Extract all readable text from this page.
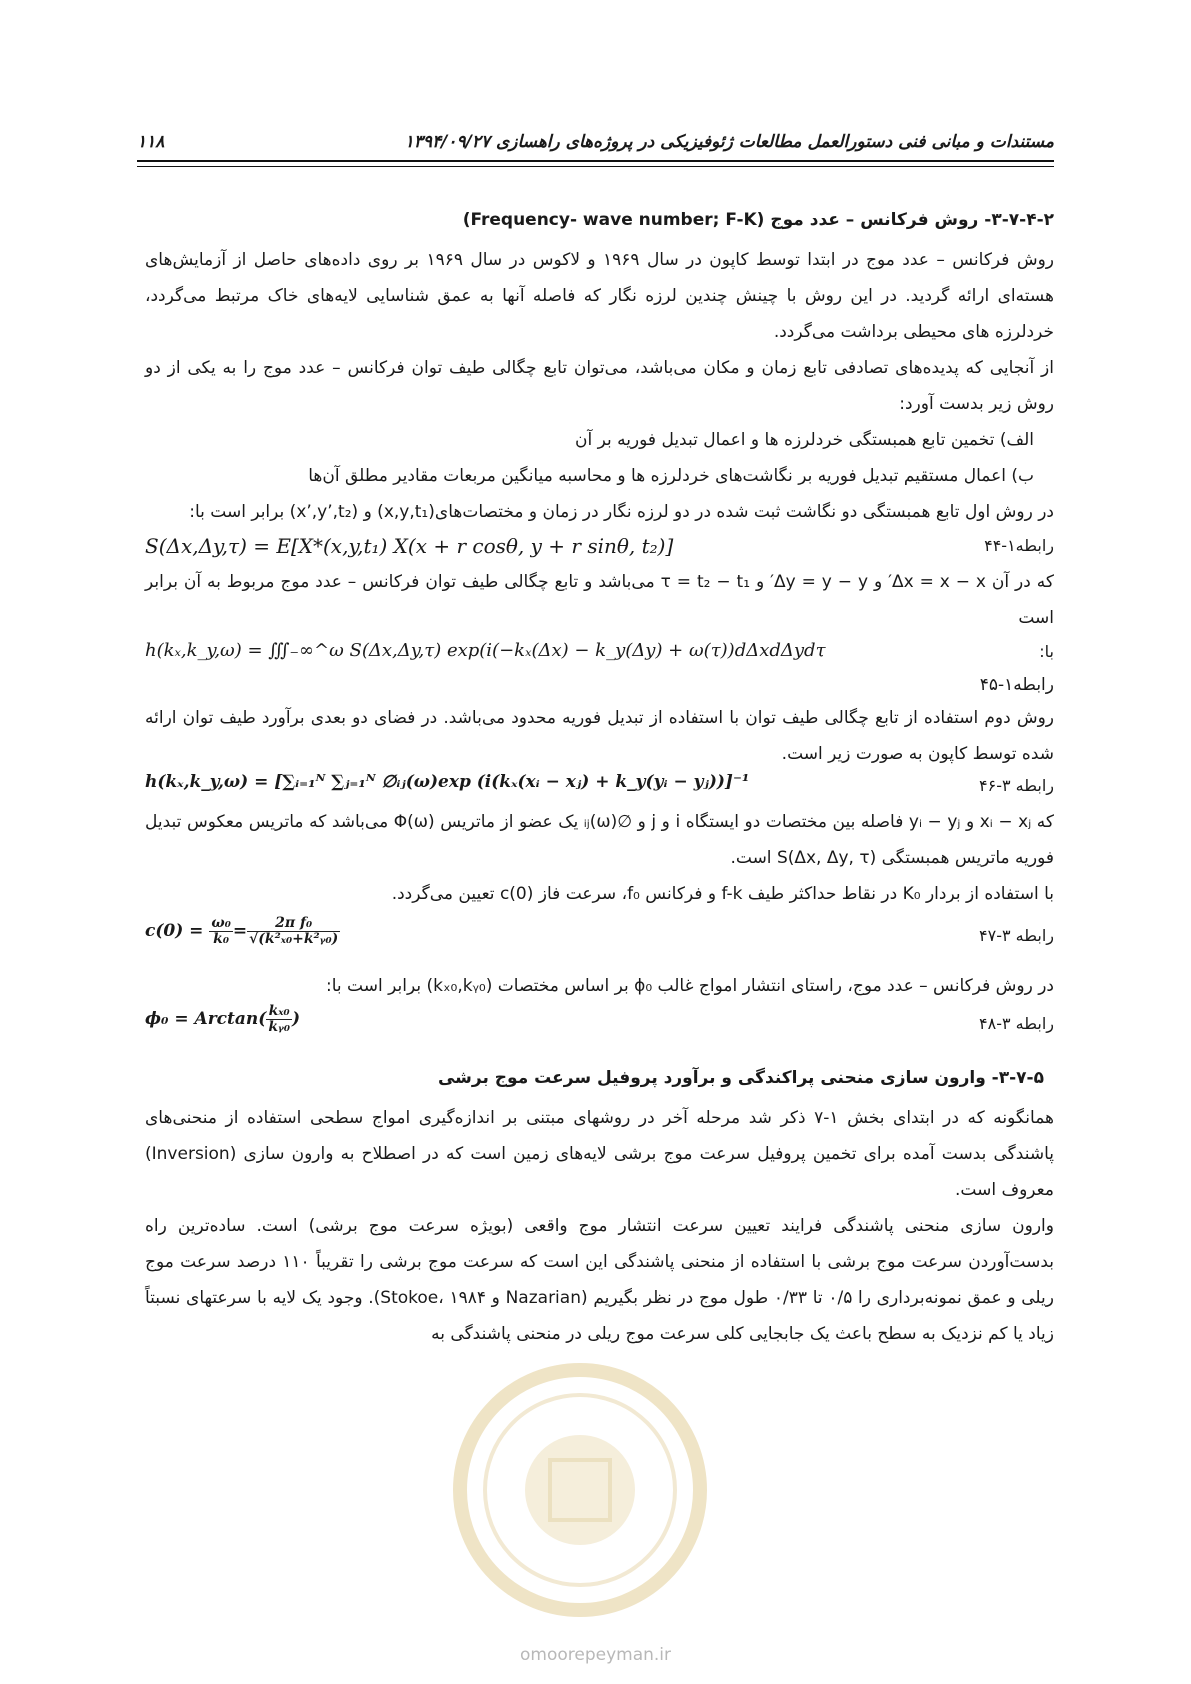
۱۱۸	مستندات و مبانی فنی دستورالعمل مطالعات ژئوفیزیکی در پروژه‌های راهسازی ۱۳۹۴/۰۹/۲۷
۳-۷-۴-۲- روش فرکانس – عدد موج (Frequency- wave number; F-K)

روش فرکانس – عدد موج در ابتدا توسط کاپون در سال ۱۹۶۹ و لاکوس در سال ۱۹۶۹ بر روی داده‌های حاصل از آزمایش‌های هسته‌ای ارائه گردید. در این روش با چینش چندین لرزه نگار که فاصله آنها به عمق شناسایی لایه‌های خاک مرتبط می‌گردد، خردلرزه های محیطی برداشت می‌گردد.

از آنجایی که پدیده‌های تصادفی تابع زمان و مکان می‌باشد، می‌توان تابع چگالی طیف توان فرکانس – عدد موج را به یکی از دو روش زیر بدست آورد:

الف) تخمین تابع همبستگی خردلرزه ها و اعمال تبدیل فوریه بر آن

ب) اعمال مستقیم تبدیل فوریه بر نگاشت‌های خردلرزه ها و محاسبه میانگین مربعات مقادیر مطلق آن‌ها

در روش اول تابع همبستگی دو نگاشت ثبت شده در دو لرزه نگار در زمان و مختصات‌های(x,y,t₁) و (x’,y’,t₂) برابر است با:

S(Δx,Δy,τ) = E[X*(x,y,t₁) X(x + r cosθ, y + r sinθ, t₂)]	رابطه۱-۴۴

که در آن Δx = x − x′ و Δy = y − y′ و τ = t₂ − t₁ می‌باشد و تابع چگالی طیف توان فرکانس – عدد موج مربوط به آن برابر است

h(kₓ,k_y,ω) = ∭₋∞^ω S(Δx,Δy,τ) exp(i(−kₓ(Δx) − k_y(Δy) + ω(τ))dΔxdΔydτ	با:

رابطه۱-۴۵

روش دوم استفاده از تابع چگالی طیف توان با استفاده از تبدیل فوریه محدود می‌باشد. در فضای دو بعدی برآورد طیف توان ارائه شده توسط کاپون به صورت زیر است.

h(kₓ,k_y,ω) = [∑ᵢ₌₁ᴺ ∑ⱼ₌₁ᴺ ∅ᵢⱼ(ω)exp (i(kₓ(xᵢ − xⱼ) + k_y(yᵢ − yⱼ))]⁻¹	رابطه ۳-۴۶

که xᵢ − xⱼ و yᵢ − yⱼ فاصله بین مختصات دو ایستگاه i و j و ∅ᵢⱼ(ω) یک عضو از ماتریس Φ(ω) می‌باشد که ماتریس معکوس تبدیل فوریه ماتریس همبستگی S(Δx, Δy, τ) است.

با استفاده از بردار K₀ در نقاط حداکثر طیف f-k و فرکانس f₀، سرعت فاز c(0) تعیین می‌گردد.

$c(0) = \frac{\text{ω₀}}{\text{k₀}} = \frac{\text{2π f₀}}{\text{√(k²ₓ₀+k²ᵧ₀)}}$	رابطه ۳-۴۷

در روش فرکانس – عدد موج، راستای انتشار امواج غالب ϕ₀ بر اساس مختصات (kₓ₀,kᵧ₀) برابر است با:

$\phi_0 = Arctan( \frac{\text{kₓ₀}}{\text{kᵧ₀}}$ )	رابطه ۳-۴۸
۳-۷-۵- وارون سازی منحنی پراکندگی و برآورد پروفیل سرعت موج برشی

همانگونه که در ابتدای بخش ۱-۷ ذکر شد مرحله آخر در روشهای مبتنی بر اندازه‌گیری امواج سطحی استفاده از منحنی‌های پاشندگی بدست آمده برای تخمین پروفیل سرعت موج برشی لایه‌های زمین است که در اصطلاح به وارون سازی (Inversion) معروف است.

وارون سازی منحنی پاشندگی فرایند تعیین سرعت انتشار موج واقعی (بویژه سرعت موج برشی) است. ساده‌ترین راه بدست‌آوردن سرعت موج برشی با استفاده از منحنی پاشندگی این است که سرعت موج برشی را تقریباً ۱۱۰ درصد سرعت موج ریلی و عمق نمونه‌برداری را ۰/۵ تا ۰/۳۳ طول موج در نظر بگیریم (Nazarian و Stokoe، ۱۹۸۴). وجود یک لایه با سرعتهای نسبتاً زیاد یا کم نزدیک به سطح باعث یک جابجایی کلی سرعت موج ریلی در منحنی پاشندگی به

omoorepeyman.ir
